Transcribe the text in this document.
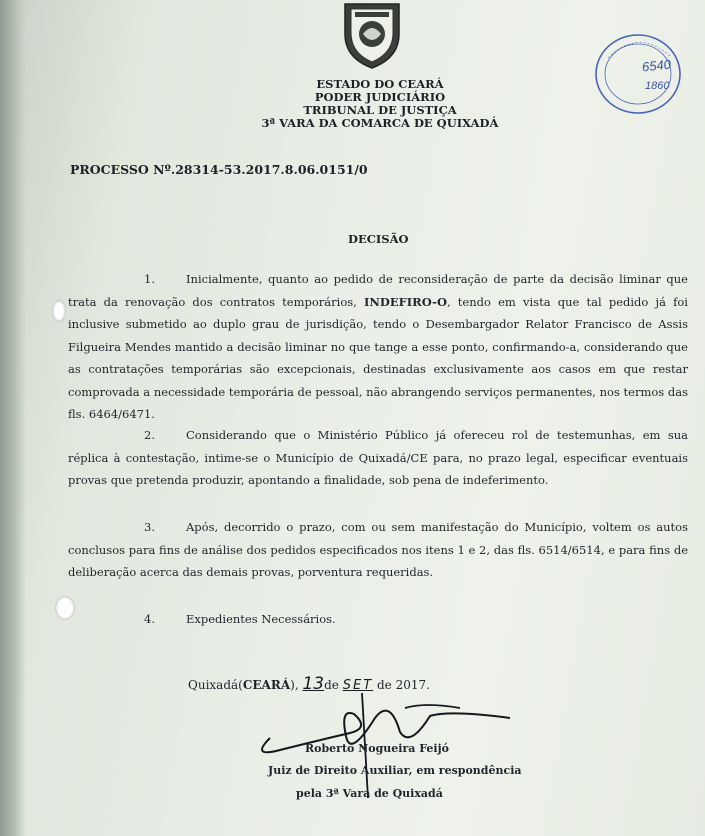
ESTADO DO CEARÁ
PODER JUDICIÁRIO
TRIBUNAL DE JUSTIÇA
3ª VARA DA COMARCA DE QUIXADÁ
6540
1860
PROCESSO Nº.28314-53.2017.8.06.0151/0
DECISÃO
1.	Inicialmente, quanto ao pedido de reconsideração de parte da decisão liminar que trata da renovação dos contratos temporários, INDEFIRO-O, tendo em vista que tal pedido já foi inclusive submetido ao duplo grau de jurisdição, tendo o Desembargador Relator Francisco de Assis Filgueira Mendes mantido a decisão liminar no que tange a esse ponto, confirmando-a, considerando que as contratações temporárias são excepcionais, destinadas exclusivamente aos casos em que restar comprovada a necessidade temporária de pessoal, não abrangendo serviços permanentes, nos termos das fls. 6464/6471.
2.	Considerando que o Ministério Público já ofereceu rol de testemunhas, em sua réplica à contestação, intime-se o Município de Quixadá/CE para, no prazo legal, especificar eventuais provas que pretenda produzir, apontando a finalidade, sob pena de indeferimento.
3.	Após, decorrido o prazo, com ou sem manifestação do Município, voltem os autos conclusos para fins de análise dos pedidos especificados nos itens 1 e 2, das fls. 6514/6514, e para fins de deliberação acerca das demais provas, porventura requeridas.
4.	Expedientes Necessários.
Quixadá(CEARÁ), 13de SET de 2017.
Roberto Nogueira Feijó
Juiz de Direito Auxiliar, em respondência
pela 3ª Vara de Quixadá
